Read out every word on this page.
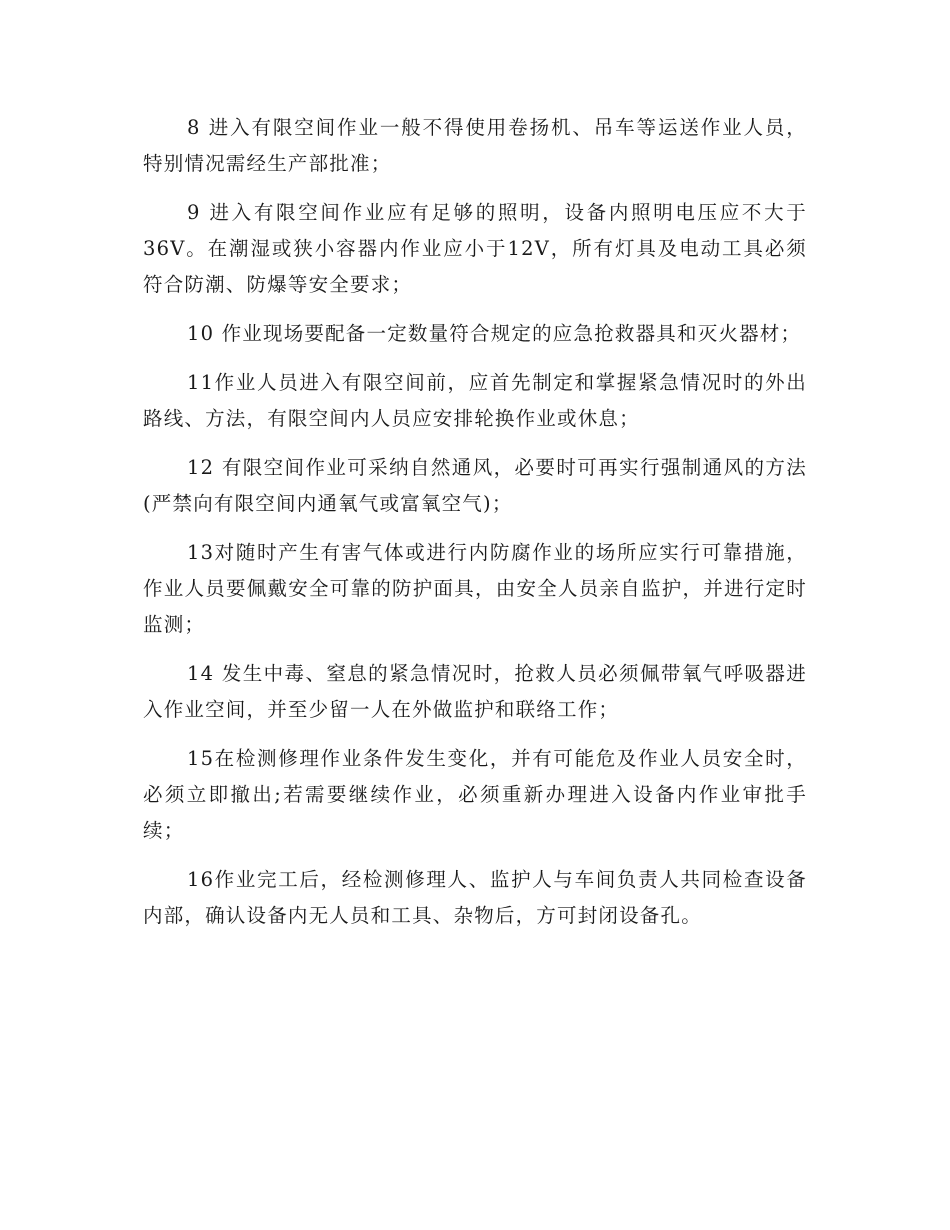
8 进入有限空间作业一般不得使用卷扬机、吊车等运送作业人员，特别情况需经生产部批准；

9 进入有限空间作业应有足够的照明，设备内照明电压应不大于36V。在潮湿或狭小容器内作业应小于12V，所有灯具及电动工具必须符合防潮、防爆等安全要求；

10 作业现场要配备一定数量符合规定的应急抢救器具和灭火器材；

11作业人员进入有限空间前，应首先制定和掌握紧急情况时的外出路线、方法，有限空间内人员应安排轮换作业或休息；

12 有限空间作业可采纳自然通风，必要时可再实行强制通风的方法(严禁向有限空间内通氧气或富氧空气)；

13对随时产生有害气体或进行内防腐作业的场所应实行可靠措施，作业人员要佩戴安全可靠的防护面具，由安全人员亲自监护，并进行定时监测；

14 发生中毒、窒息的紧急情况时，抢救人员必须佩带氧气呼吸器进入作业空间，并至少留一人在外做监护和联络工作；

15在检测修理作业条件发生变化，并有可能危及作业人员安全时，必须立即撤出;若需要继续作业，必须重新办理进入设备内作业审批手续；

16作业完工后，经检测修理人、监护人与车间负责人共同检查设备内部，确认设备内无人员和工具、杂物后，方可封闭设备孔。
